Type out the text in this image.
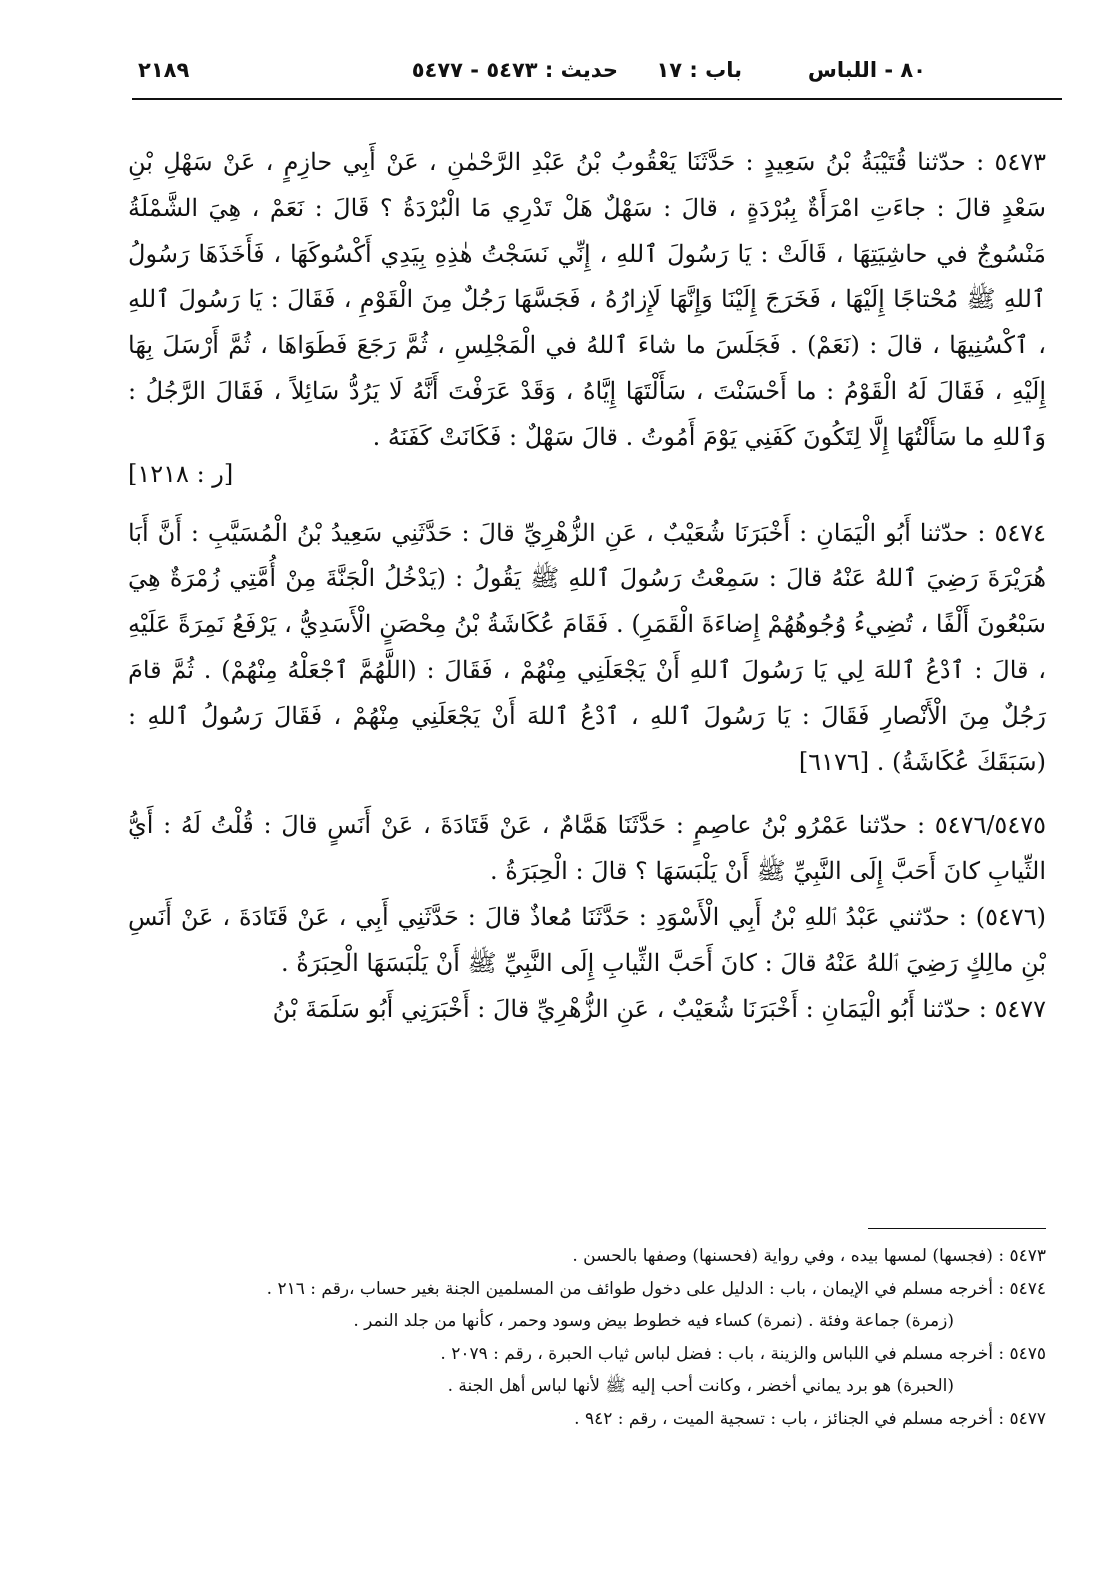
٨٠ - اللباس
باب : ١٧
حديث : ٥٤٧٣ - ٥٤٧٧
٢١٨٩

٥٤٧٣ : حدّثنا قُتَيْبَةُ بْنُ سَعِيدٍ : حَدَّثَنَا يَعْقُوبُ بْنُ عَبْدِ الرَّحْمٰنِ ، عَنْ أَبِي حازِمٍ ، عَنْ سَهْلِ بْنِ سَعْدٍ قالَ : جاءَتِ امْرَأَةٌ بِبُرْدَةٍ ، قالَ : سَهْلٌ هَلْ تَدْرِي مَا الْبُرْدَةُ ؟ قَالَ : نَعَمْ ، هِيَ الشَّمْلَةُ مَنْسُوجٌ في حاشِيَتِهَا ، قَالَتْ : يَا رَسُولَ ٱللهِ ، إِنِّي نَسَجْتُ هٰذِهِ بِيَدِي أَكْسُوكَهَا ، فَأَخَذَهَا رَسُولُ ٱللهِ ﷺ مُحْتاجًا إِلَيْهَا ، فَخَرَجَ إِلَيْنَا وَإِنَّهَا لَإِزارُهُ ، فَجَسَّهَا رَجُلٌ مِنَ الْقَوْمِ ، فَقَالَ : يَا رَسُولَ ٱللهِ ، ٱكْسُنِيهَا ، قالَ : (نَعَمْ) . فَجَلَسَ ما شاءَ ٱللهُ في الْمَجْلِسِ ، ثُمَّ رَجَعَ فَطَوَاهَا ، ثُمَّ أَرْسَلَ بِهَا إِلَيْهِ ، فَقَالَ لَهُ الْقَوْمُ : ما أَحْسَنْتَ ، سَأَلْتَهَا إِيَّاهُ ، وَقَدْ عَرَفْتَ أَنَّهُ لَا يَرُدُّ سَائِلاً ، فَقَالَ الرَّجُلُ : وَٱللهِ ما سَأَلْتُهَا إِلَّا لِتَكُونَ كَفَنِي يَوْمَ أَمُوتُ . قالَ سَهْلٌ : فَكَانَتْ كَفَنَهُ .

[ر : ١٢١٨]

٥٤٧٤ : حدّثنا أَبُو الْيَمَانِ : أَخْبَرَنَا شُعَيْبٌ ، عَنِ الزُّهْرِيِّ قالَ : حَدَّثَنِي سَعِيدُ بْنُ الْمُسَيَّبِ : أَنَّ أَبَا هُرَيْرَةَ رَضِيَ ٱللهُ عَنْهُ قالَ : سَمِعْتُ رَسُولَ ٱللهِ ﷺ يَقُولُ : (يَدْخُلُ الْجَنَّةَ مِنْ أُمَّتِي زُمْرَةٌ هِيَ سَبْعُونَ أَلْفًا ، تُضِيءُ وُجُوهُهُمْ إِضاءَةَ الْقَمَرِ) . فَقَامَ عُكَاشَةُ بْنُ مِحْصَنٍ الْأَسَدِيُّ ، يَرْفَعُ نَمِرَةً عَلَيْهِ ، قالَ : ٱدْعُ ٱللهَ لِي يَا رَسُولَ ٱللهِ أَنْ يَجْعَلَنِي مِنْهُمْ ، فَقَالَ : (اللَّهُمَّ ٱجْعَلْهُ مِنْهُمْ) . ثُمَّ قامَ رَجُلٌ مِنَ الْأَنْصارِ فَقَالَ : يَا رَسُولَ ٱللهِ ، ٱدْعُ ٱللهَ أَنْ يَجْعَلَنِي مِنْهُمْ ، فَقَالَ رَسُولُ ٱللهِ : (سَبَقَكَ عُكَاشَةُ) . [٦١٧٦]

٥٤٧٦/٥٤٧٥ : حدّثنا عَمْرُو بْنُ عاصِمٍ : حَدَّثَنَا هَمَّامٌ ، عَنْ قَتَادَةَ ، عَنْ أَنَسٍ قالَ : قُلْتُ لَهُ : أَيُّ الثِّيابِ كانَ أَحَبَّ إِلَى النَّبِيِّ ﷺ أَنْ يَلْبَسَهَا ؟ قالَ : الْحِبَرَةُ .

(٥٤٧٦) : حدّثني عَبْدُ ٱللهِ بْنُ أَبِي الْأَسْوَدِ : حَدَّثَنَا مُعاذٌ قالَ : حَدَّثَنِي أَبِي ، عَنْ قَتَادَةَ ، عَنْ أَنَسِ بْنِ مالِكٍ رَضِيَ ٱللهُ عَنْهُ قالَ : كانَ أَحَبَّ الثِّيابِ إِلَى النَّبِيِّ ﷺ أَنْ يَلْبَسَهَا الْحِبَرَةُ .

٥٤٧٧ : حدّثنا أَبُو الْيَمَانِ : أَخْبَرَنَا شُعَيْبٌ ، عَنِ الزُّهْرِيِّ قالَ : أَخْبَرَنِي أَبُو سَلَمَةَ بْنُ

٥٤٧٣ : (فجسها) لمسها بيده ، وفي رواية (فحسنها) وصفها بالحسن .

٥٤٧٤ : أخرجه مسلم في الإيمان ، باب : الدليل على دخول طوائف من المسلمين الجنة بغير حساب ،رقم : ٢١٦ .

(زمرة) جماعة وفئة . (نمرة) كساء فيه خطوط بيض وسود وحمر ، كأنها من جلد النمر .

٥٤٧٥ : أخرجه مسلم في اللباس والزينة ، باب : فضل لباس ثياب الحبرة ، رقم : ٢٠٧٩ .

(الحبرة) هو برد يماني أخضر ، وكانت أحب إليه ﷺ لأنها لباس أهل الجنة .

٥٤٧٧ : أخرجه مسلم في الجنائز ، باب : تسجية الميت ، رقم : ٩٤٢ .
